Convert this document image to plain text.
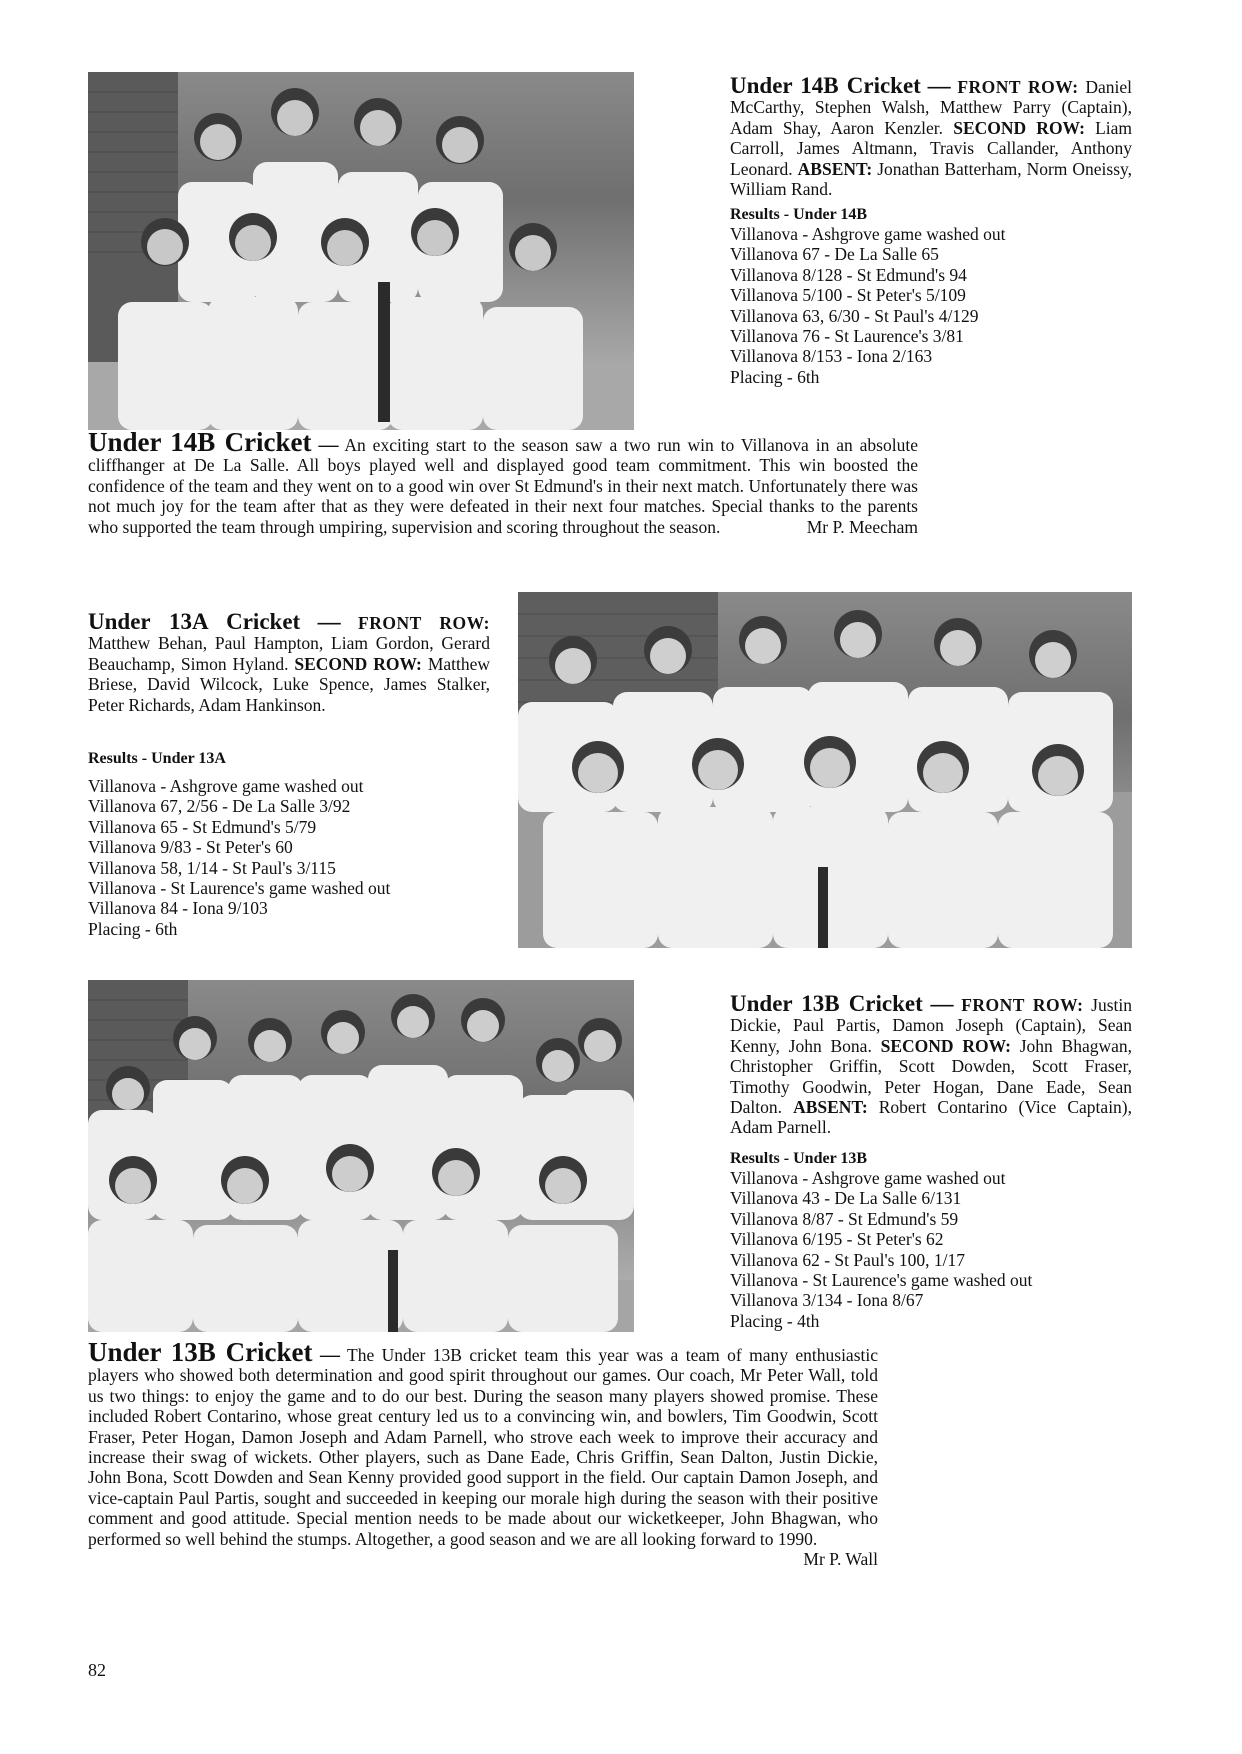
Under 14B Cricket — FRONT ROW: Daniel McCarthy, Stephen Walsh, Matthew Parry (Captain), Adam Shay, Aaron Kenzler. SECOND ROW: Liam Carroll, James Altmann, Travis Callander, Anthony Leonard. ABSENT: Jonathan Batterham, Norm Oneissy, William Rand.
Results - Under 14B
Villanova - Ashgrove game washed out
Villanova 67 - De La Salle 65
Villanova 8/128 - St Edmund's 94
Villanova 5/100 - St Peter's 5/109
Villanova 63, 6/30 - St Paul's 4/129
Villanova 76 - St Laurence's 3/81
Villanova 8/153 - Iona 2/163
Placing - 6th
Under 14B Cricket — An exciting start to the season saw a two run win to Villanova in an absolute cliffhanger at De La Salle. All boys played well and displayed good team commitment. This win boosted the confidence of the team and they went on to a good win over St Edmund's in their next match. Unfortunately there was not much joy for the team after that as they were defeated in their next four matches. Special thanks to the parents who supported the team through umpiring, supervision and scoring throughout the season.	Mr P. Meecham
Under 13A Cricket — FRONT ROW: Matthew Behan, Paul Hampton, Liam Gordon, Gerard Beauchamp, Simon Hyland. SECOND ROW: Matthew Briese, David Wilcock, Luke Spence, James Stalker, Peter Richards, Adam Hankinson.
Results - Under 13A
Villanova - Ashgrove game washed out
Villanova 67, 2/56 - De La Salle 3/92
Villanova 65 - St Edmund's 5/79
Villanova 9/83 - St Peter's 60
Villanova 58, 1/14 - St Paul's 3/115
Villanova - St Laurence's game washed out
Villanova 84 - Iona 9/103
Placing - 6th
Under 13B Cricket — FRONT ROW: Justin Dickie, Paul Partis, Damon Joseph (Captain), Sean Kenny, John Bona. SECOND ROW: John Bhagwan, Christopher Griffin, Scott Dowden, Scott Fraser, Timothy Goodwin, Peter Hogan, Dane Eade, Sean Dalton. ABSENT: Robert Contarino (Vice Captain), Adam Parnell.
Results - Under 13B
Villanova - Ashgrove game washed out
Villanova 43 - De La Salle 6/131
Villanova 8/87 - St Edmund's 59
Villanova 6/195 - St Peter's 62
Villanova 62 - St Paul's 100, 1/17
Villanova - St Laurence's game washed out
Villanova 3/134 - Iona 8/67
Placing - 4th
Under 13B Cricket — The Under 13B cricket team this year was a team of many enthusiastic players who showed both determination and good spirit throughout our games. Our coach, Mr Peter Wall, told us two things: to enjoy the game and to do our best. During the season many players showed promise. These included Robert Contarino, whose great century led us to a convincing win, and bowlers, Tim Goodwin, Scott Fraser, Peter Hogan, Damon Joseph and Adam Parnell, who strove each week to improve their accuracy and increase their swag of wickets. Other players, such as Dane Eade, Chris Griffin, Sean Dalton, Justin Dickie, John Bona, Scott Dowden and Sean Kenny provided good support in the field. Our captain Damon Joseph, and vice-captain Paul Partis, sought and succeeded in keeping our morale high during the season with their positive comment and good attitude. Special mention needs to be made about our wicketkeeper, John Bhagwan, who performed so well behind the stumps. Altogether, a good season and we are all looking forward to 1990.
Mr P. Wall
82
